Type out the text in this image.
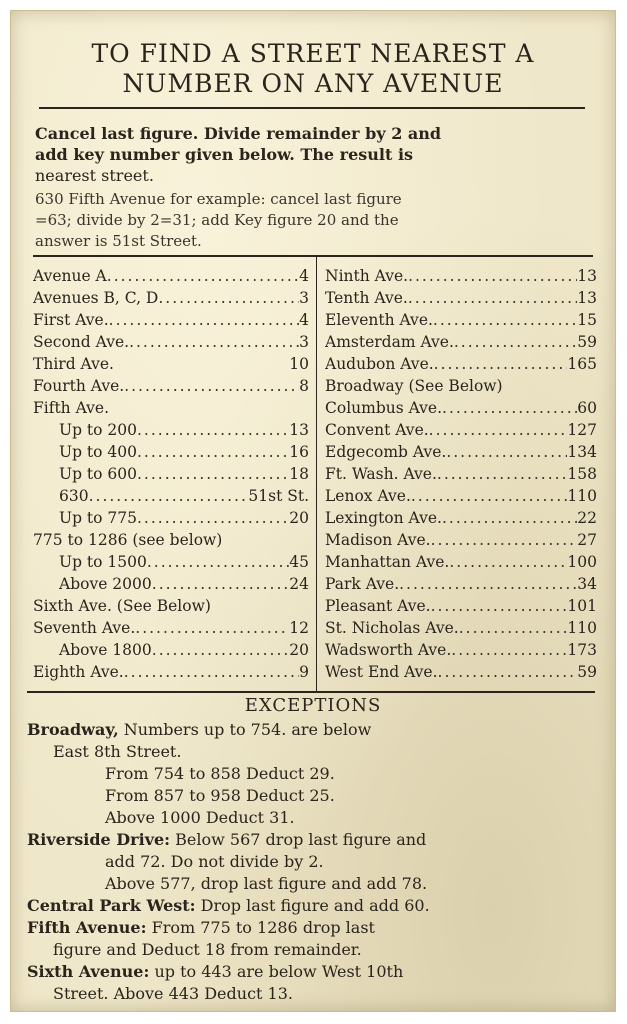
TO FIND A STREET NEAREST A
NUMBER ON ANY AVENUE
Cancel last figure. Divide remainder by 2 and
add key number given below. The result is
nearest street.
630 Fifth Avenue for example: cancel last figure
=63; divide by 2=31; add Key figure 20 and the
answer is 51st Street.
Avenue A .....	4
Avenues B, C, D .....	3
First Ave. .....	4
Second Ave. .....	3
Third Ave.	10
Fourth Ave. .....	8
Fifth Ave.
Up to 200 .....	13
Up to 400 .....	16
Up to 600 .....	18
630 .....	51st St.
Up to 775 .....	20
775 to 1286 (see below)
Up to 1500 .....	45
Above 2000 .....	24
Sixth Ave. (See Below)
Seventh Ave. .....	12
Above 1800 .....	20
Eighth Ave. .....	9
Ninth Ave. .....	13
Tenth Ave. .....	13
Eleventh Ave. .....	15
Amsterdam Ave. .....	59
Audubon Ave. .....	165
Broadway (See Below)
Columbus Ave. .....	60
Convent Ave. .....	127
Edgecomb Ave. .....	134
Ft. Wash. Ave. .....	158
Lenox Ave. .....	110
Lexington Ave. .....	22
Madison Ave. .....	27
Manhattan Ave. .....	100
Park Ave. .....	34
Pleasant Ave. .....	101
St. Nicholas Ave. .....	110
Wadsworth Ave. .....	173
West End Ave. .....	59
EXCEPTIONS
Broadway, Numbers up to 754. are below
East 8th Street.
From 754 to 858 Deduct 29.
From 857 to 958 Deduct 25.
Above 1000 Deduct 31.
Riverside Drive: Below 567 drop last figure and
add 72. Do not divide by 2.
Above 577, drop last figure and add 78.
Central Park West: Drop last figure and add 60.
Fifth Avenue: From 775 to 1286 drop last
figure and Deduct 18 from remainder.
Sixth Avenue: up to 443 are below West 10th
Street. Above 443 Deduct 13.
